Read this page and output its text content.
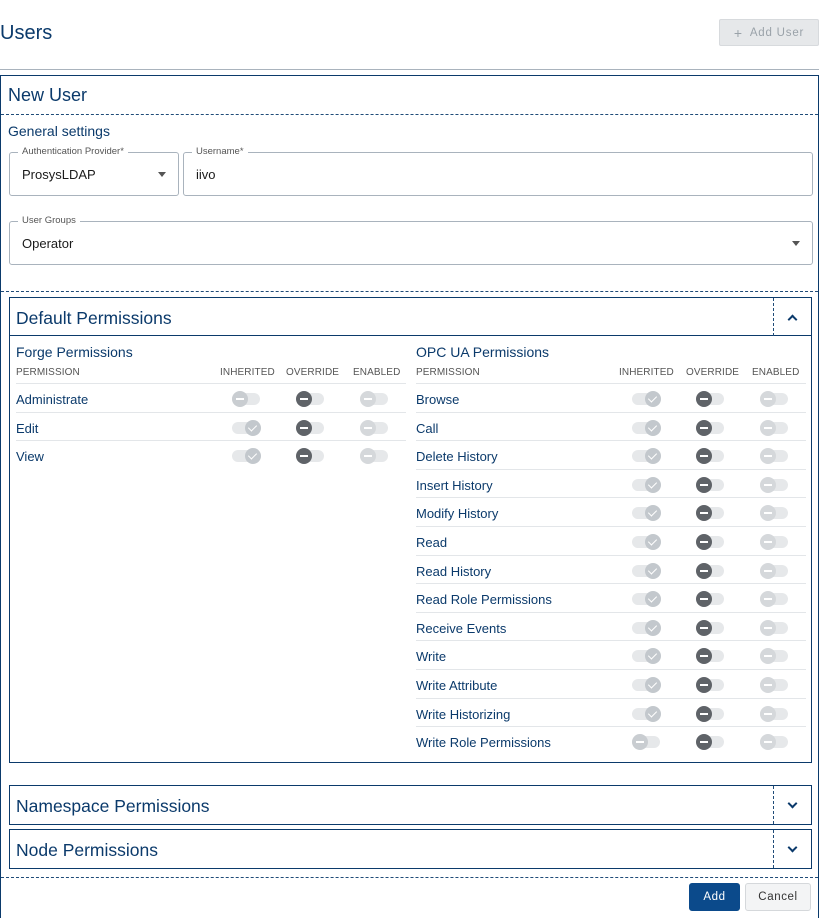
Users	+ Add User
New User
General settings
Authentication Provider*
ProsysLDAP
Username*
iivo
User Groups
Operator
Default Permissions
Forge Permissions
PERMISSION	INHERITED OVERRIDE ENABLED
Administrate
Edit
View
OPC UA Permissions
PERMISSION	INHERITED OVERRIDE ENABLED
Browse
Call
Delete History
Insert History
Modify History
Read
Read History
Read Role Permissions
Receive Events
Write
Write Attribute
Write Historizing
Write Role Permissions
Namespace Permissions
Node Permissions
Add	Cancel
